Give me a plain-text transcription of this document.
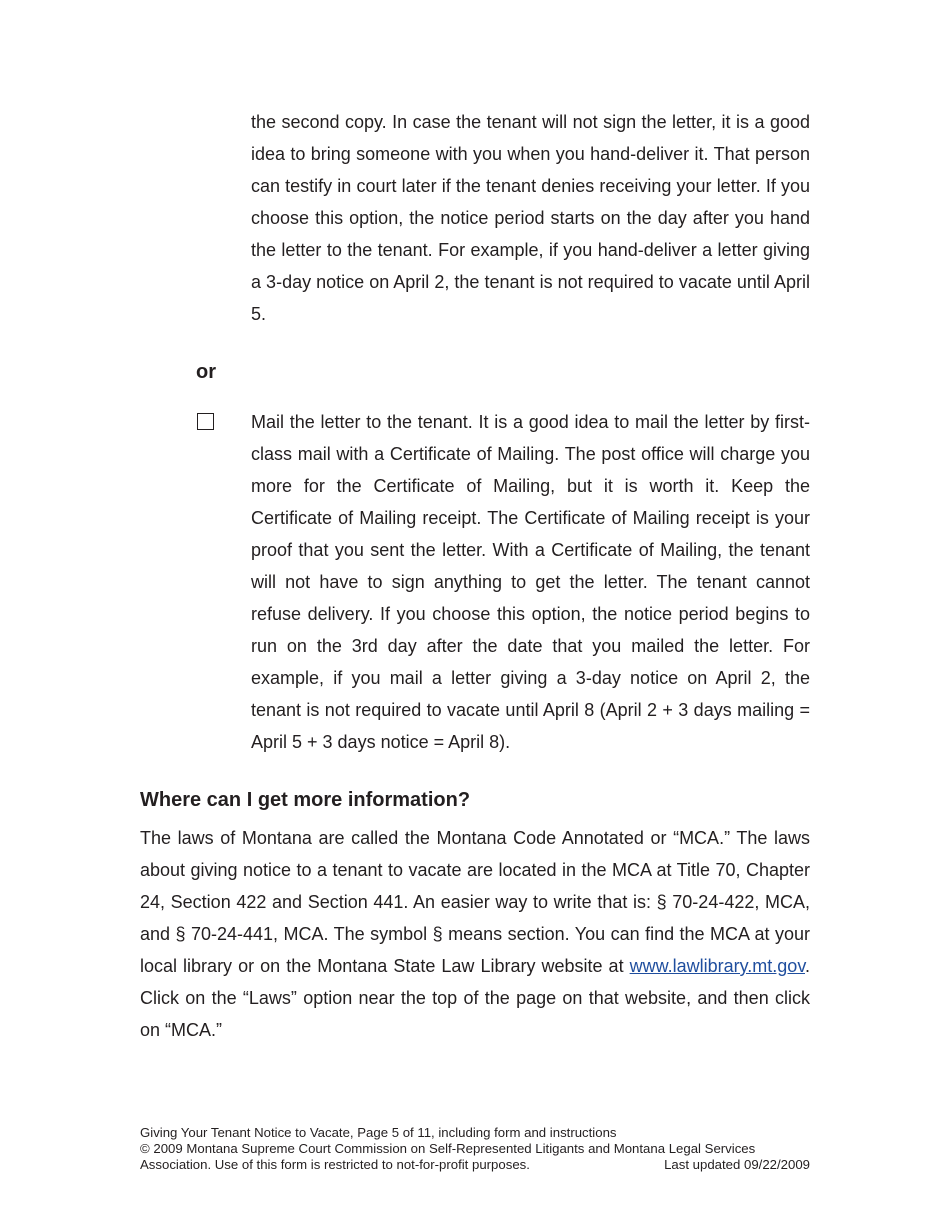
the second copy. In case the tenant will not sign the letter, it is a good idea to bring someone with you when you hand-deliver it. That person can testify in court later if the tenant denies receiving your letter. If you choose this option, the notice period starts on the day after you hand the letter to the tenant. For example, if you hand-deliver a letter giving a 3-day notice on April 2, the tenant is not required to vacate until April 5.

or

Mail the letter to the tenant. It is a good idea to mail the letter by first-class mail with a Certificate of Mailing. The post office will charge you more for the Certificate of Mailing, but it is worth it. Keep the Certificate of Mailing receipt. The Certificate of Mailing receipt is your proof that you sent the letter. With a Certificate of Mailing, the tenant will not have to sign anything to get the letter. The tenant cannot refuse delivery. If you choose this option, the notice period begins to run on the 3rd day after the date that you mailed the letter. For example, if you mail a letter giving a 3-day notice on April 2, the tenant is not required to vacate until April 8 (April 2 + 3 days mailing = April 5 + 3 days notice = April 8).

Where can I get more information?

The laws of Montana are called the Montana Code Annotated or “MCA.” The laws about giving notice to a tenant to vacate are located in the MCA at Title 70, Chapter 24, Section 422 and Section 441. An easier way to write that is: § 70-24-422, MCA, and § 70-24-441, MCA. The symbol § means section. You can find the MCA at your local library or on the Montana State Law Library website at www.lawlibrary.mt.gov. Click on the “Laws” option near the top of the page on that website, and then click on “MCA.”

Giving Your Tenant Notice to Vacate, Page 5 of 11, including form and instructions
© 2009 Montana Supreme Court Commission on Self-Represented Litigants and Montana Legal Services
Association. Use of this form is restricted to not-for-profit purposes.	Last updated 09/22/2009
